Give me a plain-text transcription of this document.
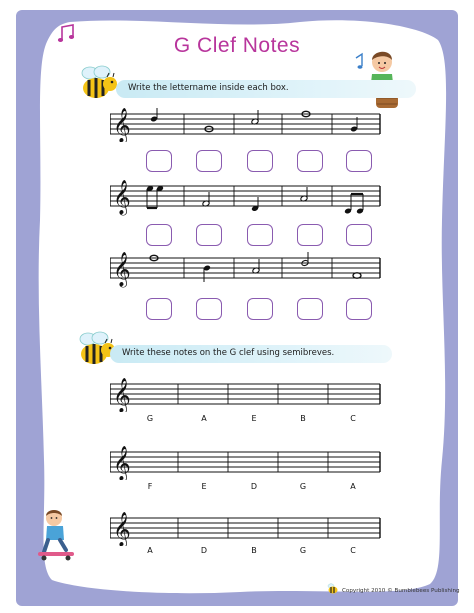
G Clef Notes
Write the lettername inside each box.
𝄞
𝄞
𝄞
Write these notes on the G clef using semibreves.
𝄞
G	A	E	B	C
𝄞
F	E	D	G	A
𝄞
A	D	B	G	C
Copyright 2010 © Bumblebees Publishing
